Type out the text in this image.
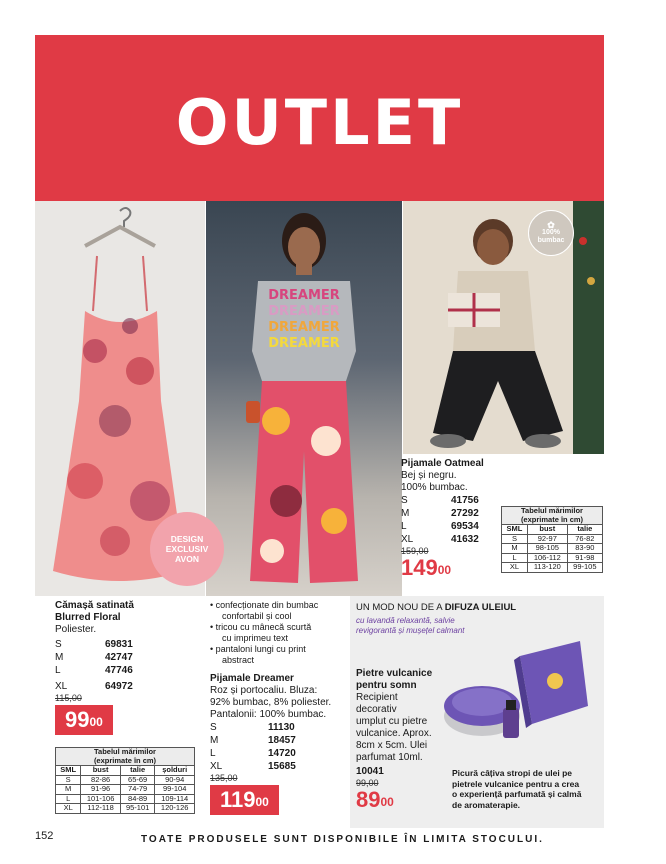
OUTLET
DREAMER
DREAMER
DREAMER
DREAMER
DESIGN
EXCLUSIV
AVON
✿
100%
bumbac
Cămașă satinată
Blurred Floral
Poliester.
S	69831
M	42747
L	47746
XL	64972
115,00
$99^{00}$
Tabelul mărimilor
(exprimate în cm)			

SML	bust	talie	șolduri
S	82-86	65-69	90-94
M	91-96	74-79	99-104
L	101-106	84-89	109-114
XL	112-118	95-101	120-126
• confecționate din bumbac
confortabil și cool
• tricou cu mânecă scurtă
cu imprimeu text
• pantaloni lungi cu print
abstract
Pijamale Dreamer
Roz și portocaliu. Bluza:
92% bumbac, 8% poliester.
Pantalonii: 100% bumbac.
S	11130
M	18457
L	14720
XL	15685
135,00
$119^{00}$
Pijamale Oatmeal
Bej și negru.
100% bumbac.
S	41756
M	27292
L	69534
XL	41632
159,00
$149^{00}$
Tabelul mărimilor
(exprimate în cm)		

SML	bust	talie
S	92-97	76-82
M	98-105	83-90
L	106-112	91-98
XL	113-120	99-105
UN MOD NOU DE A DIFUZA ULEIUL
cu lavandă relaxantă, salvie
revigorantă și mușețel calmant
Pietre vulcanice
pentru somn
Recipient
decorativ
umplut cu pietre
vulcanice. Aprox.
8cm x 5cm. Ulei
parfumat 10ml.
10041
99,00
$89^{00}$
Picură câțiva stropi de ulei pe
pietrele vulcanice pentru a crea
o experiență parfumată și calmă
de aromaterapie.
152	TOATE PRODUSELE SUNT DISPONIBILE ÎN LIMITA STOCULUI.
